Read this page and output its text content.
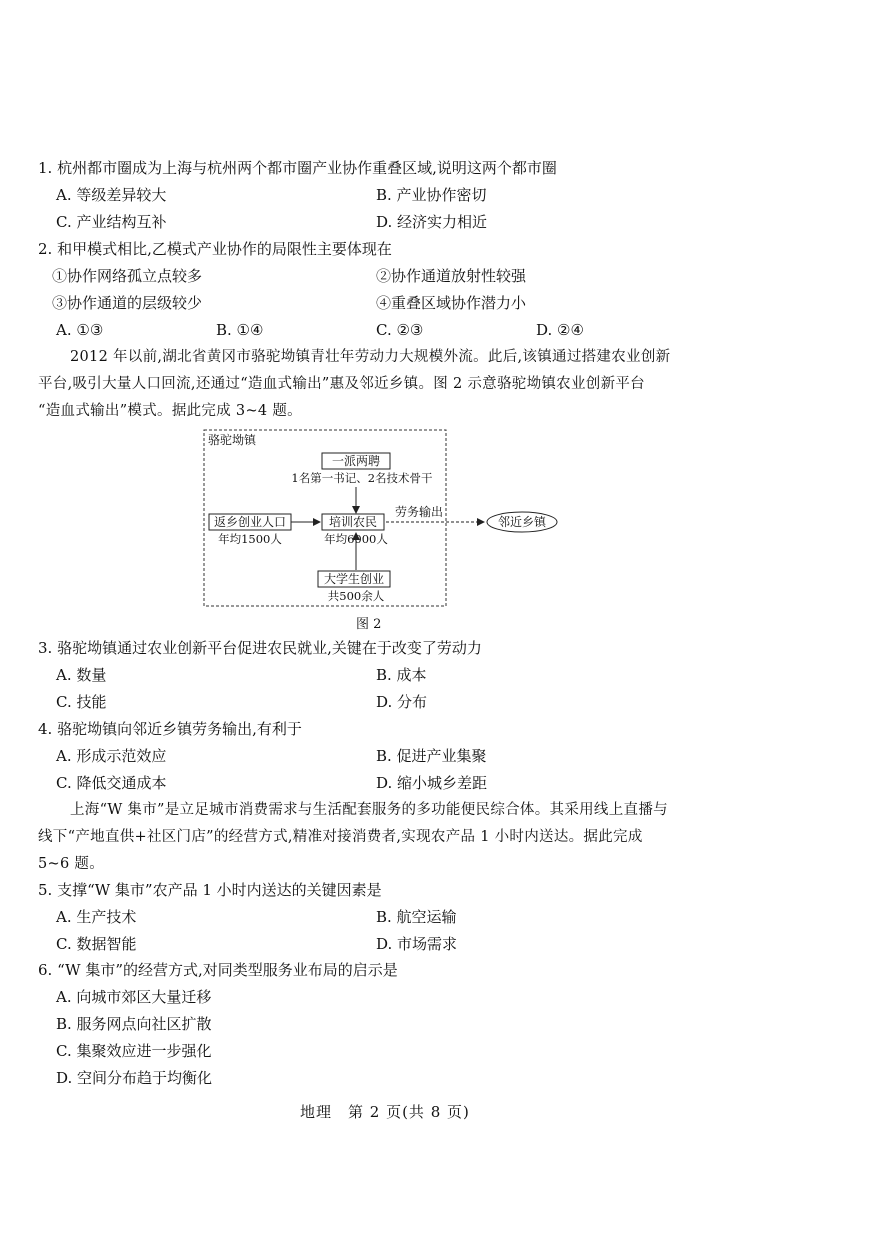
1. 杭州都市圈成为上海与杭州两个都市圈产业协作重叠区域,说明这两个都市圈
A. 等级差异较大	B. 产业协作密切
C. 产业结构互补	D. 经济实力相近
2. 和甲模式相比,乙模式产业协作的局限性主要体现在
①协作网络孤立点较多	②协作通道放射性较强
③协作通道的层级较少	④重叠区域协作潜力小
A. ①③	B. ①④	C. ②③	D. ②④
2012 年以前,湖北省黄冈市骆驼坳镇青壮年劳动力大规模外流。此后,该镇通过搭建农业创新
平台,吸引大量人口回流,还通过“造血式输出”惠及邻近乡镇。图 2 示意骆驼坳镇农业创新平台
“造血式输出”模式。据此完成 3~4 题。
骆驼坳镇
一派两聘
1名第一书记、2名技术骨干
返乡创业人口
年均1500人
培训农民
年均6000人
大学生创业
共500余人
劳务输出
邻近乡镇
图 2
3. 骆驼坳镇通过农业创新平台促进农民就业,关键在于改变了劳动力
A. 数量	B. 成本
C. 技能	D. 分布
4. 骆驼坳镇向邻近乡镇劳务输出,有利于
A. 形成示范效应	B. 促进产业集聚
C. 降低交通成本	D. 缩小城乡差距
上海“W 集市”是立足城市消费需求与生活配套服务的多功能便民综合体。其采用线上直播与
线下“产地直供+社区门店”的经营方式,精准对接消费者,实现农产品 1 小时内送达。据此完成
5~6 题。
5. 支撑“W 集市”农产品 1 小时内送达的关键因素是
A. 生产技术	B. 航空运输
C. 数据智能	D. 市场需求
6. “W 集市”的经营方式,对同类型服务业布局的启示是
A. 向城市郊区大量迁移
B. 服务网点向社区扩散
C. 集聚效应进一步强化
D. 空间分布趋于均衡化
地理　第 2 页(共 8 页)
